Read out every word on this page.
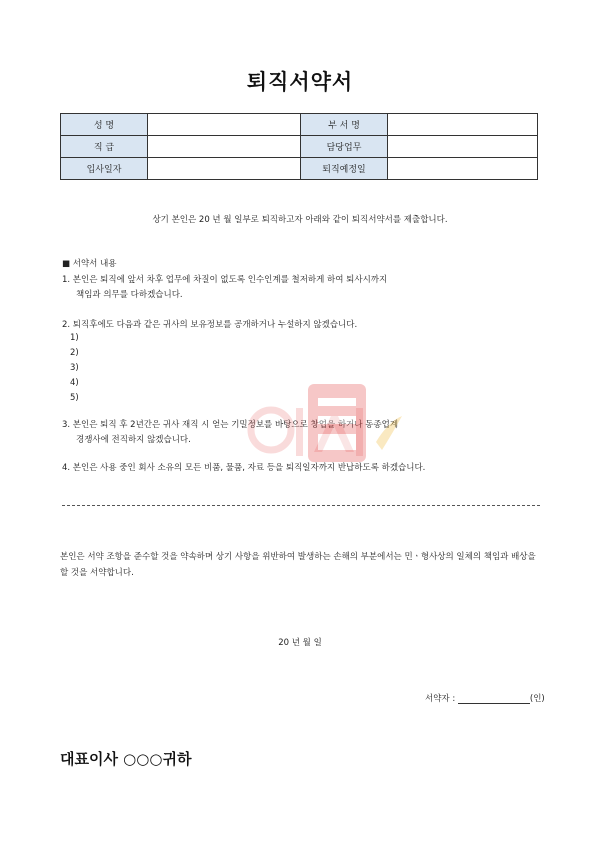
퇴직서약서
성 명		부 서 명	
직 급		담당업무	
입사일자		퇴직예정일	
상기 본인은 20 년 월 일부로 퇴직하고자 아래와 같이 퇴직서약서를 제출합니다.
■ 서약서 내용
1. 본인은 퇴직에 앞서 차후 업무에 차질이 없도록 인수인계를 철저하게 하여 퇴사시까지
책임과 의무를 다하겠습니다.
2. 퇴직후에도 다음과 같은 귀사의 보유정보를 공개하거나 누설하지 않겠습니다.
1)
2)
3)
4)
5)
3. 본인은 퇴직 후 2년간은 귀사 재직 시 얻는 기밀정보를 바탕으로 창업을 하거나 동종업계
경쟁사에 전직하지 않겠습니다.
4. 본인은 사용 중인 회사 소유의 모든 비품, 물품, 자료 등을 퇴직일자까지 반납하도록 하겠습니다.
본인은 서약 조항을 준수할 것을 약속하며 상기 사항을 위반하여 발생하는 손해의 부분에서는 민ㆍ형사상의 일체의 책임과 배상을 할 것을 서약합니다.
20 년 월 일
서약자 :	(인)
대표이사 ○○○귀하
